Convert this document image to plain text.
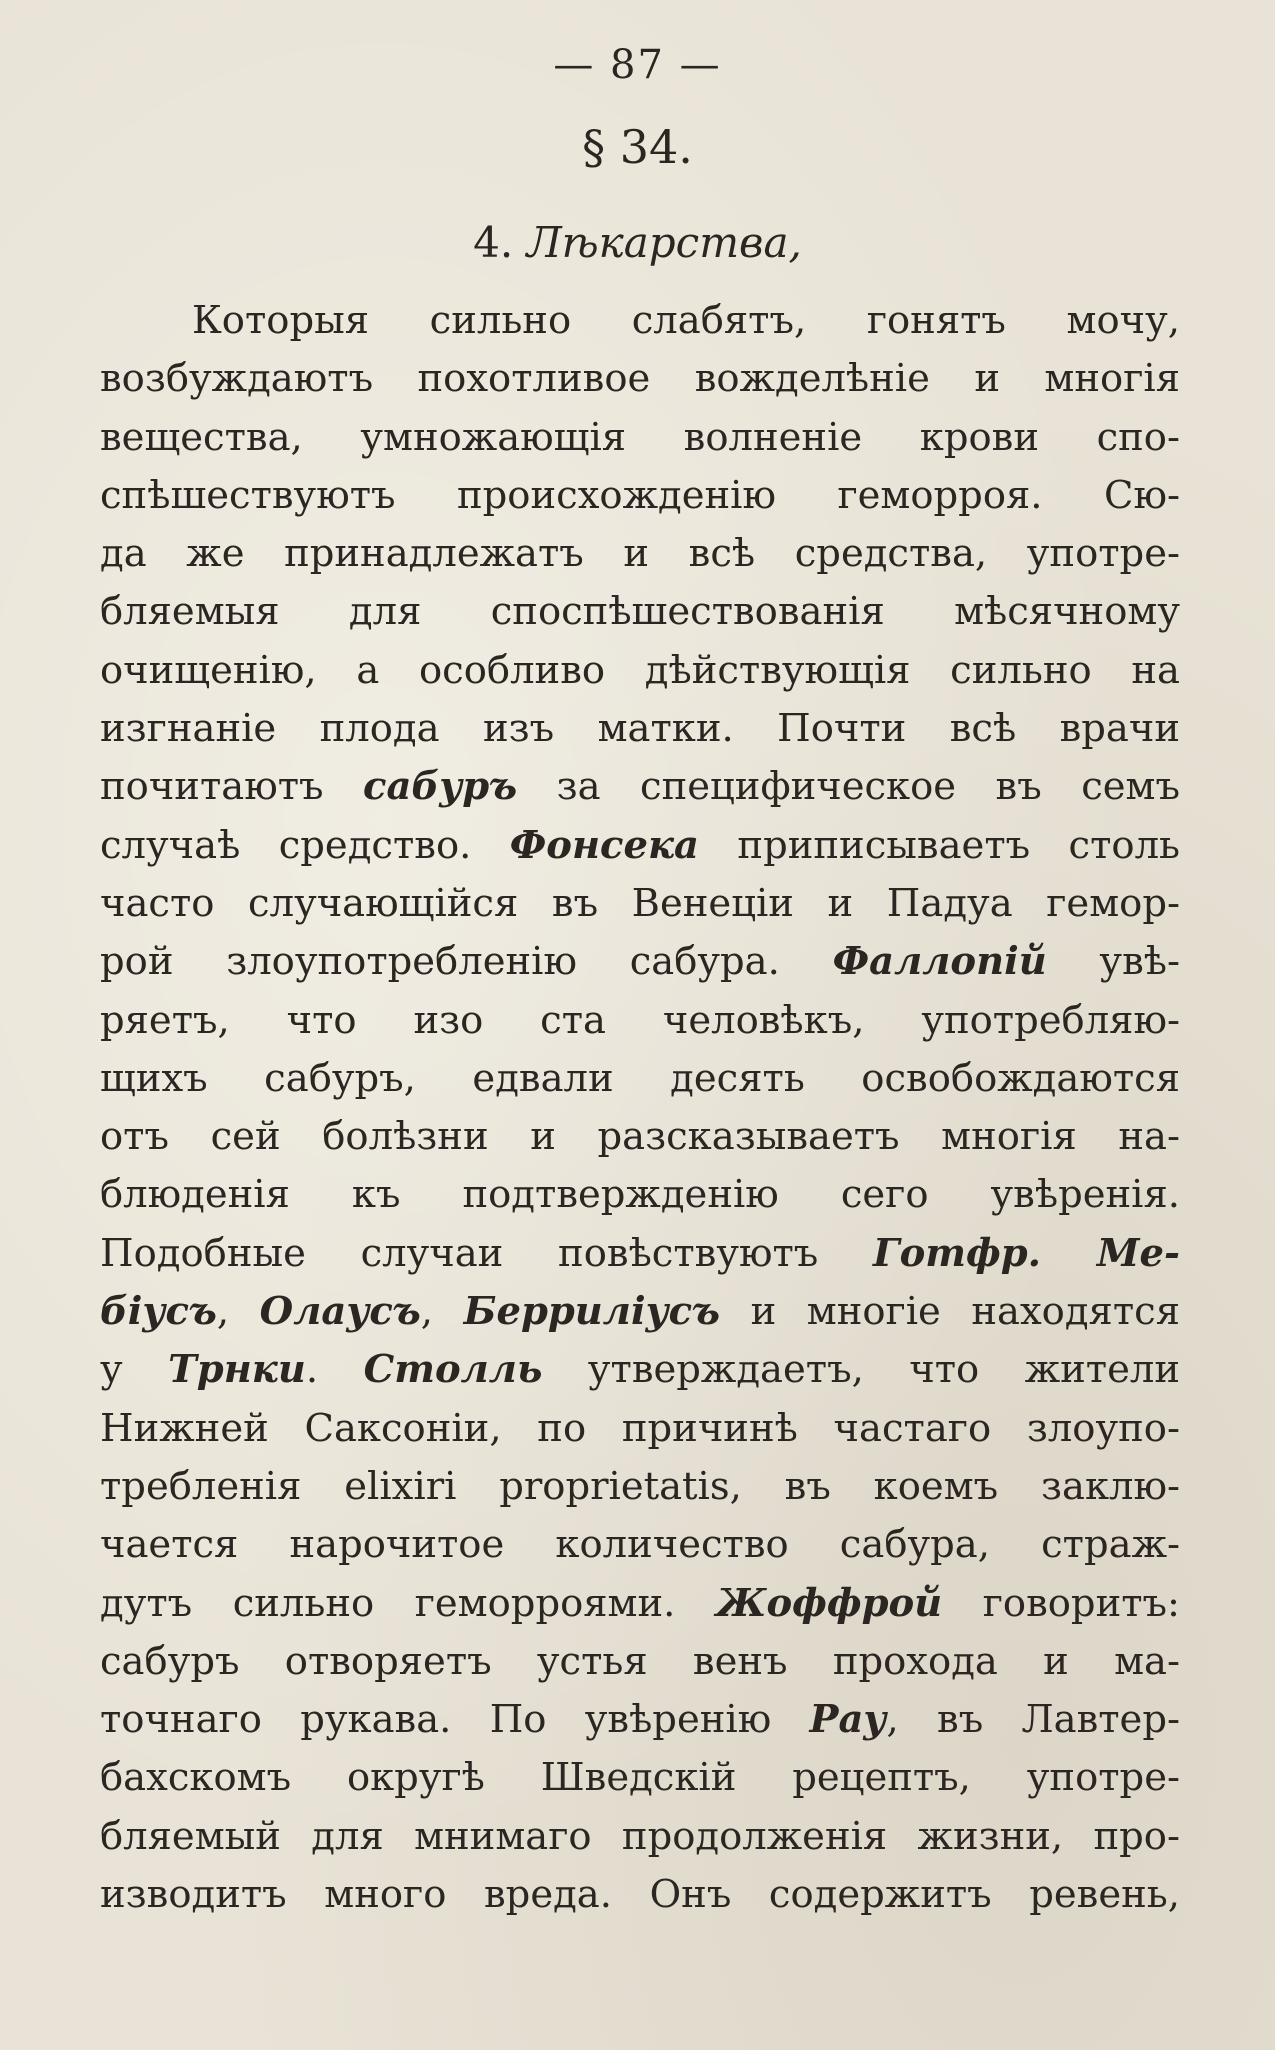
— 87 —
§ 34.
4. Лѣкарства,
Которыя сильно слабятъ, гонятъ мочу,
возбуждаютъ похотливое вожделѣніе и многія
вещества, умножающія волненіе крови спо-
спѣшествуютъ происхожденію геморроя. Сю-
да же принадлежатъ и всѣ средства, употре-
бляемыя для споспѣшествованія мѣсячному
очищенію, а особливо дѣйствующія сильно на
изгнаніе плода изъ матки. Почти всѣ врачи
почитаютъ сабуръ за специфическое въ семъ
случаѣ средство. Фонсека приписываетъ столь
часто случающійся въ Венеціи и Падуа гемор-
рой злоупотребленію сабура. Фаллопій увѣ-
ряетъ, что изо ста человѣкъ, употребляю-
щихъ сабуръ, едвали десять освобождаются
отъ сей болѣзни и разсказываетъ многія на-
блюденія къ подтвержденію сего увѣренія.
Подобные случаи повѣствуютъ Готфр. Ме-
біусъ, Олаусъ, Берриліусъ и многіе находятся
у Трнки. Столль утверждаетъ, что жители
Нижней Саксоніи, по причинѣ частаго злоупо-
требленія elixiri proprietatis, въ коемъ заклю-
чается нарочитое количество сабура, страж-
дутъ сильно геморроями. Жоффрой говоритъ:
сабуръ отворяетъ устья венъ прохода и ма-
точнаго рукава. По увѣренію Рау, въ Лавтер-
бахскомъ округѣ Шведскій рецептъ, употре-
бляемый для мнимаго продолженія жизни, про-
изводитъ много вреда. Онъ содержитъ ревень,
